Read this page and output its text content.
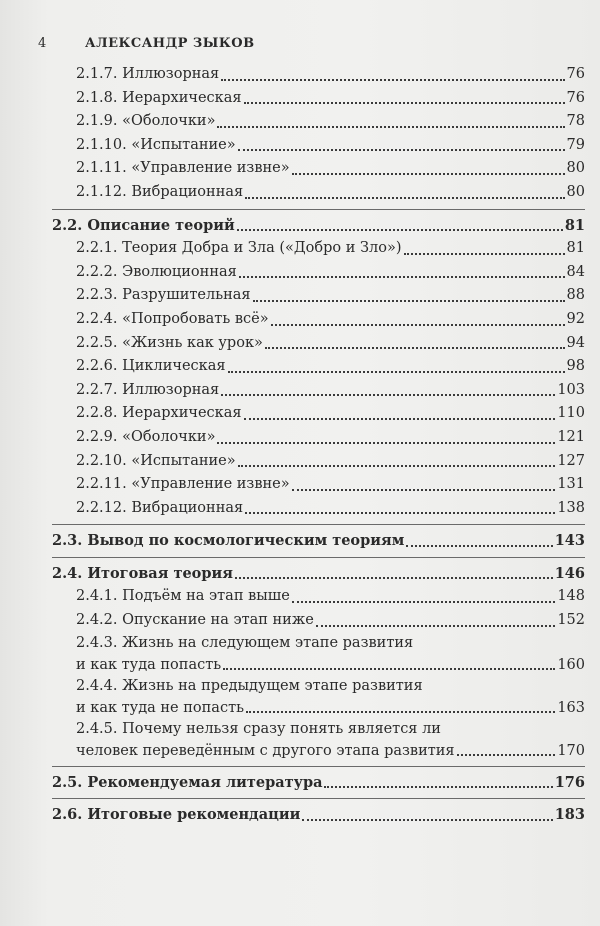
4	АЛЕКСАНДР ЗЫКОВ
2.1.7. Иллюзорная	76
2.1.8. Иерархическая	76
2.1.9. «Оболочки»	78
2.1.10. «Испытание»	79
2.1.11. «Управление извне»	80
2.1.12. Вибрационная	80
2.2. Описание теорий	81
2.2.1. Теория Добра и Зла («Добро и Зло»)	81
2.2.2. Эволюционная	84
2.2.3. Разрушительная	88
2.2.4. «Попробовать всё»	92
2.2.5. «Жизнь как урок»	94
2.2.6. Циклическая	98
2.2.7. Иллюзорная	103
2.2.8. Иерархическая	110
2.2.9. «Оболочки»	121
2.2.10. «Испытание»	127
2.2.11. «Управление извне»	131
2.2.12. Вибрационная	138
2.3. Вывод по космологическим теориям	143
2.4. Итоговая теория	146
2.4.1. Подъём на этап выше	148
2.4.2. Опускание на этап ниже	152
2.4.3. Жизнь на следующем этапе развития
и как туда попасть	160
2.4.4. Жизнь на предыдущем этапе развития
и как туда не попасть	163
2.4.5. Почему нельзя сразу понять является ли
человек переведённым с другого этапа развития	170
2.5. Рекомендуемая литература	176
2.6. Итоговые рекомендации	183
